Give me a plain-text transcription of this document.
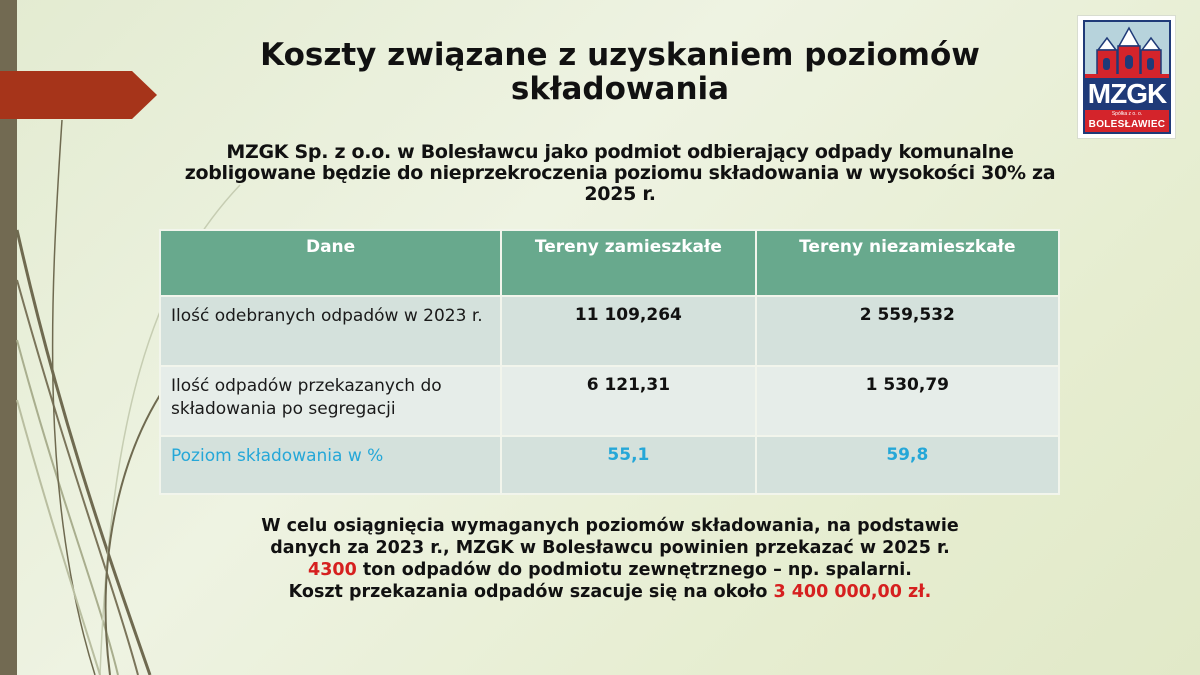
MZGK
Spółka z o. o.
BOLESŁAWIEC
Koszty związane z uzyskaniem poziomów składowania

MZGK Sp. z o.o. w Bolesławcu jako podmiot odbierający odpady komunalne zobligowane będzie do nieprzekroczenia poziomu składowania w wysokości 30% za 2025 r.

Dane	Tereny zamieszkałe	Tereny niezamieszkałe
Ilość odebranych odpadów w 2023 r.	11 109,264	2 559,532
Ilość odpadów przekazanych do składowania po segregacji	6 121,31	1 530,79
Poziom składowania w %	55,1	59,8
W celu osiągnięcia wymaganych poziomów składowania, na podstawie
danych za 2023 r., MZGK w Bolesławcu powinien przekazać w 2025 r.
4300 ton odpadów do podmiotu zewnętrznego – np. spalarni.
Koszt przekazania odpadów szacuje się na około 3 400 000,00 zł.
